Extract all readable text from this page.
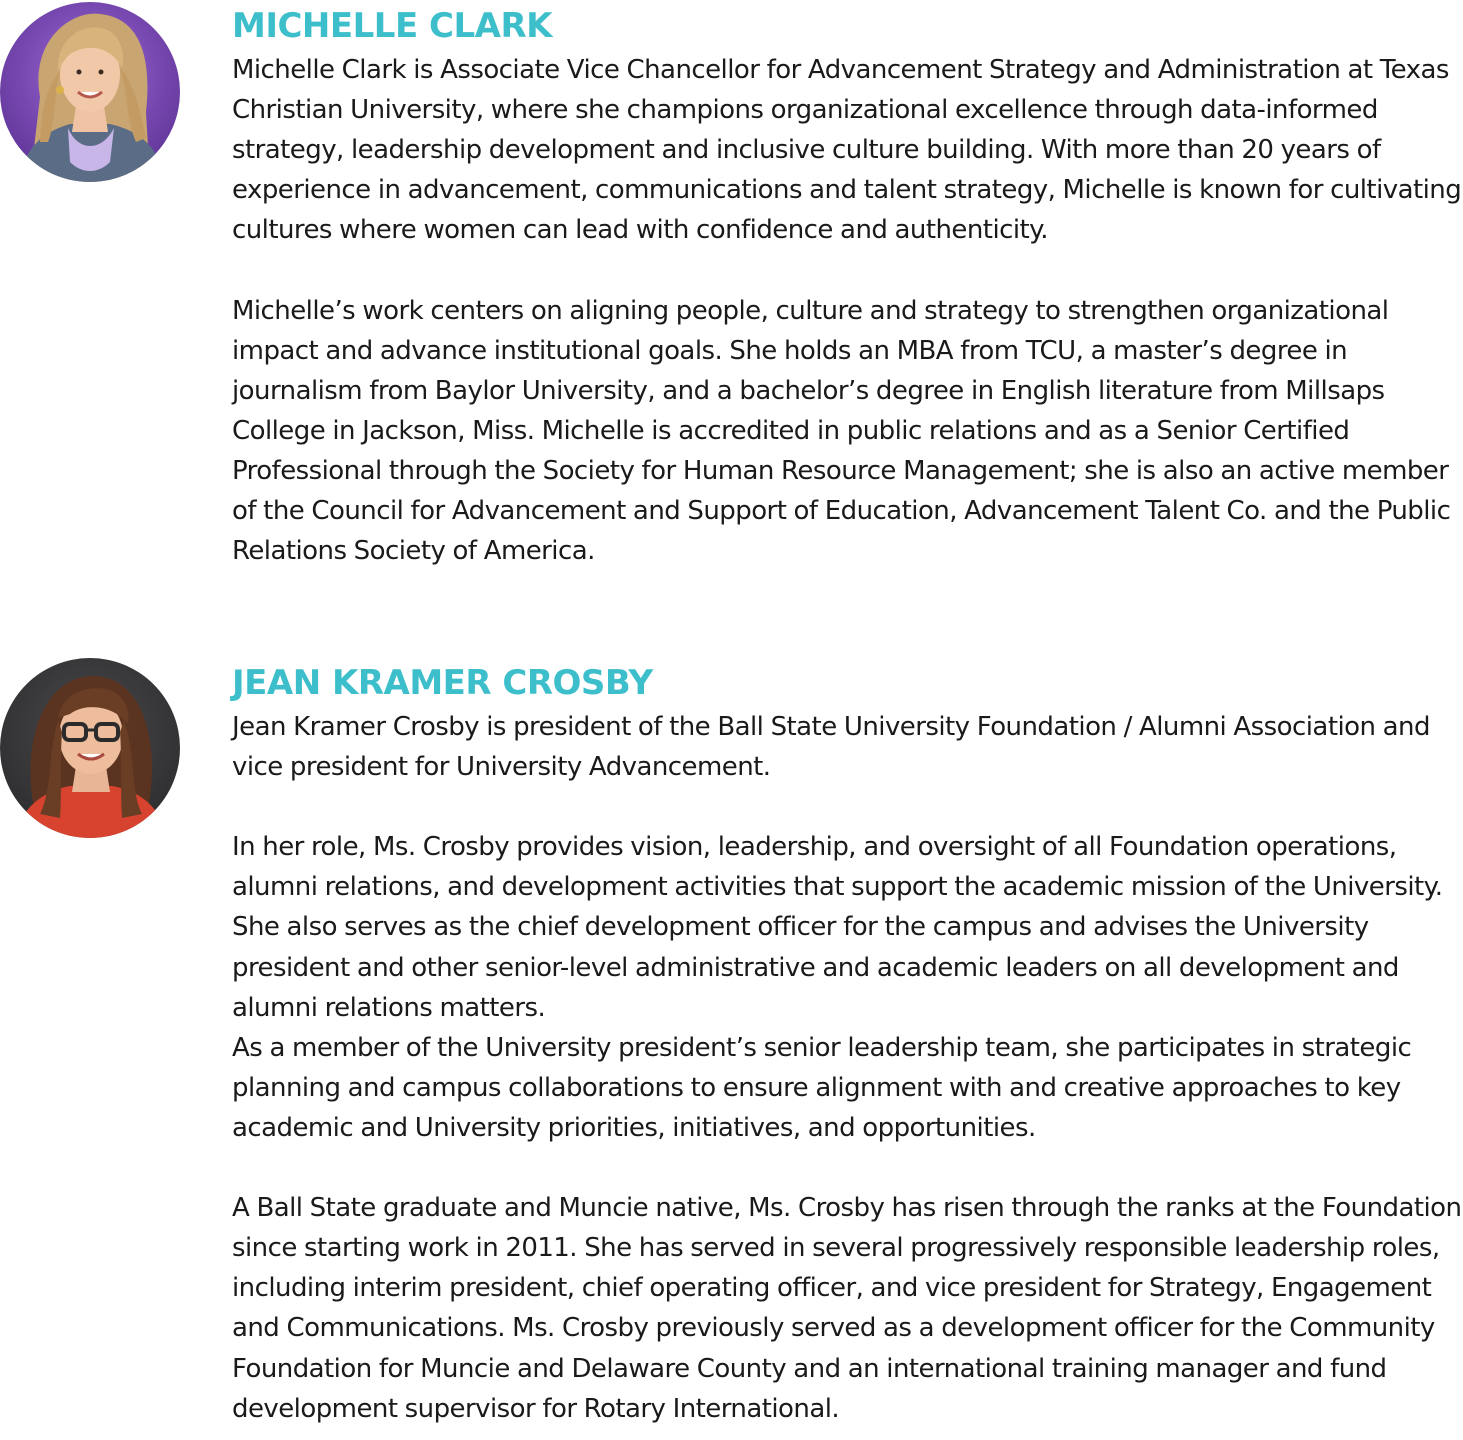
MICHELLE CLARK

Michelle Clark is Associate Vice Chancellor for Advancement Strategy and Administration at Texas Christian University, where she champions organizational excellence through data-informed strategy, leadership development and inclusive culture building. With more than 20 years of experience in advancement, communications and talent strategy, Michelle is known for cultivating cultures where women can lead with confidence and authenticity.

Michelle’s work centers on aligning people, culture and strategy to strengthen organizational impact and advance institutional goals. She holds an MBA from TCU, a master’s degree in journalism from Baylor University, and a bachelor’s degree in English literature from Millsaps College in Jackson, Miss. Michelle is accredited in public relations and as a Senior Certified Professional through the Society for Human Resource Management; she is also an active member of the Council for Advancement and Support of Education, Advancement Talent Co. and the Public Relations Society of America.

JEAN KRAMER CROSBY

Jean Kramer Crosby is president of the Ball State University Foundation / Alumni Association and vice president for University Advancement.

In her role, Ms. Crosby provides vision, leadership, and oversight of all Foundation operations, alumni relations, and development activities that support the academic mission of the University. She also serves as the chief development officer for the campus and advises the University president and other senior-level administrative and academic leaders on all development and alumni relations matters.

As a member of the University president’s senior leadership team, she participates in strategic planning and campus collaborations to ensure alignment with and creative approaches to key academic and University priorities, initiatives, and opportunities.

A Ball State graduate and Muncie native, Ms. Crosby has risen through the ranks at the Foundation since starting work in 2011. She has served in several progressively responsible leadership roles, including interim president, chief operating officer, and vice president for Strategy, Engagement and Communications. Ms. Crosby previously served as a development officer for the Community Foundation for Muncie and Delaware County and an international training manager and fund development supervisor for Rotary International.
